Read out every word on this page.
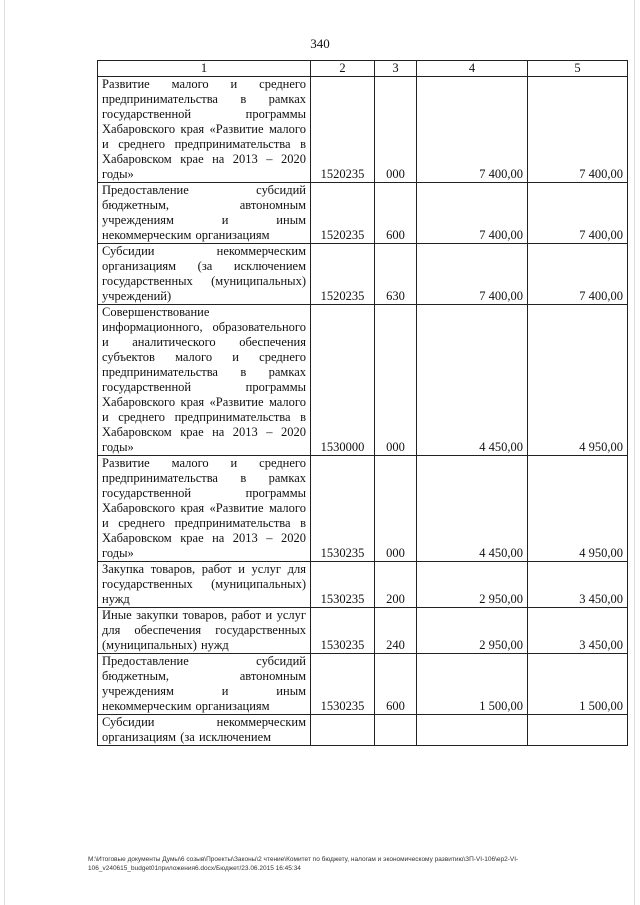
340
1	2	3	4	5
Развитие малого и среднего предпринимательства в рамках государственной программы Хабаровского края «Развитие малого и среднего предпринимательства в Хабаровском крае на 2013 – 2020 годы»	1520235	000	7 400,00	7 400,00
Предоставление субсидий бюджетным, автономным учреждениям и иным некоммерческим организациям	1520235	600	7 400,00	7 400,00
Субсидии некоммерческим организациям (за исключением государственных (муниципальных) учреждений)	1520235	630	7 400,00	7 400,00
Совершенствование информационного, образовательного и аналитического обеспечения субъектов малого и среднего предпринимательства в рамках государственной программы Хабаровского края «Развитие малого и среднего предпринимательства в Хабаровском крае на 2013 – 2020 годы»	1530000	000	4 450,00	4 950,00
Развитие малого и среднего предпринимательства в рамках государственной программы Хабаровского края «Развитие малого и среднего предпринимательства в Хабаровском крае на 2013 – 2020 годы»	1530235	000	4 450,00	4 950,00
Закупка товаров, работ и услуг для государственных (муниципальных) нужд	1530235	200	2 950,00	3 450,00
Иные закупки товаров, работ и услуг для обеспечения государственных (муниципальных) нужд	1530235	240	2 950,00	3 450,00
Предоставление субсидий бюджетным, автономным учреждениям и иным некоммерческим организациям	1530235	600	1 500,00	1 500,00
Субсидии некоммерческим организациям (за исключением				
M:\Итоговые документы Думы\6 созыв\Проекты\Законы\2 чтение\Комитет по бюджету, налогам и экономическому развитию\ЗП-VI-106\ep2-VI-106_v240615_budget01приложения6.docx/Бюджет/23.06.2015 16:45:34
